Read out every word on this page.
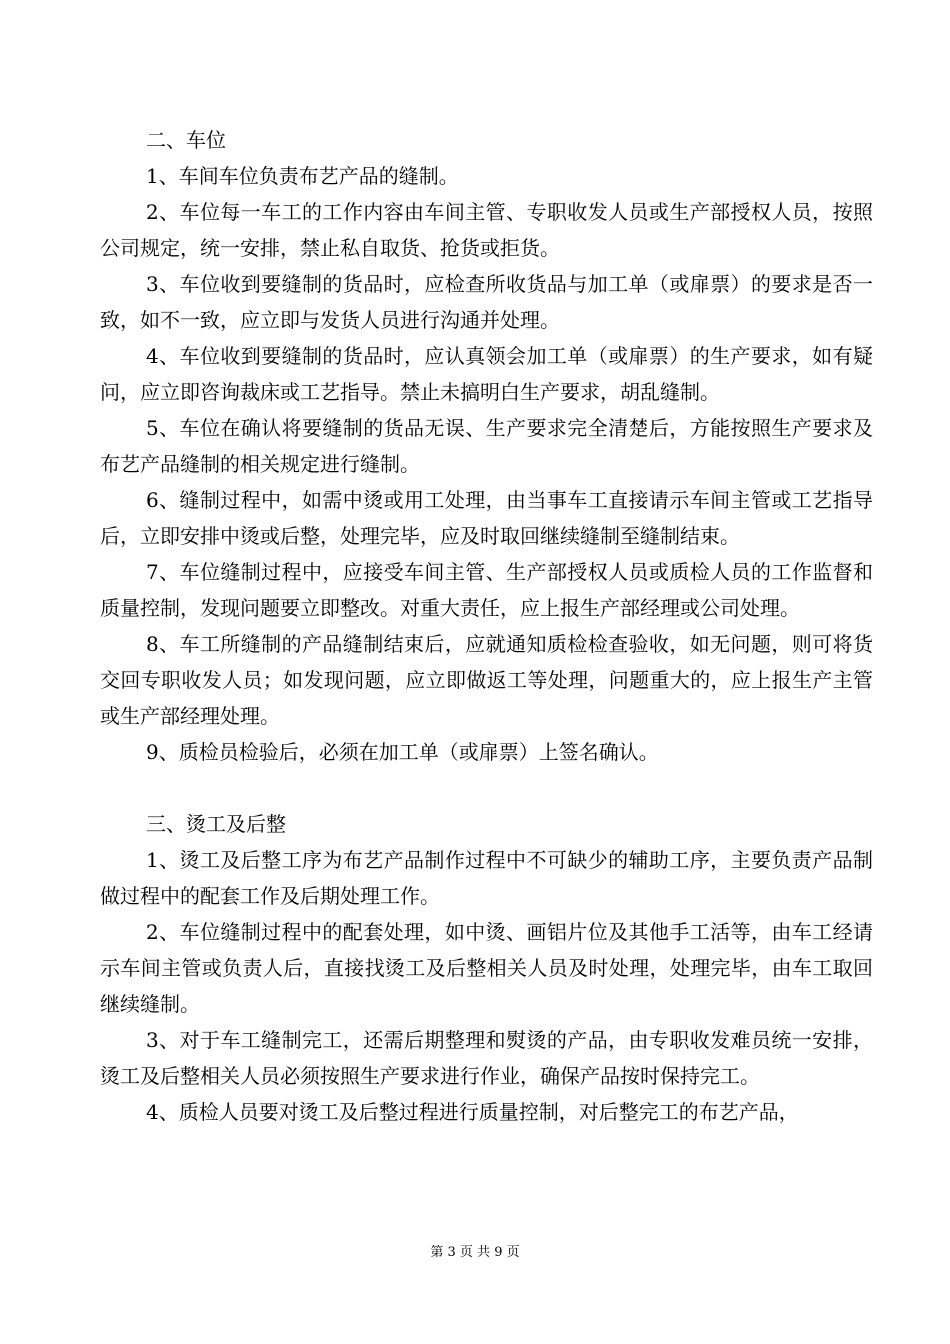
二、车位

1、车间车位负责布艺产品的缝制。

2、车位每一车工的工作内容由车间主管、专职收发人员或生产部授权人员，按照公司规定，统一安排，禁止私自取货、抢货或拒货。

3、车位收到要缝制的货品时，应检查所收货品与加工单（或扉票）的要求是否一致，如不一致，应立即与发货人员进行沟通并处理。

4、车位收到要缝制的货品时，应认真领会加工单（或扉票）的生产要求，如有疑问，应立即咨询裁床或工艺指导。禁止未搞明白生产要求，胡乱缝制。

5、车位在确认将要缝制的货品无误、生产要求完全清楚后，方能按照生产要求及布艺产品缝制的相关规定进行缝制。

6、缝制过程中，如需中烫或用工处理，由当事车工直接请示车间主管或工艺指导后，立即安排中烫或后整，处理完毕，应及时取回继续缝制至缝制结束。

7、车位缝制过程中，应接受车间主管、生产部授权人员或质检人员的工作监督和质量控制，发现问题要立即整改。对重大责任，应上报生产部经理或公司处理。

8、车工所缝制的产品缝制结束后，应就通知质检检查验收，如无问题，则可将货交回专职收发人员；如发现问题，应立即做返工等处理，问题重大的，应上报生产主管或生产部经理处理。

9、质检员检验后，必须在加工单（或扉票）上签名确认。

三、烫工及后整

1、烫工及后整工序为布艺产品制作过程中不可缺少的辅助工序，主要负责产品制做过程中的配套工作及后期处理工作。

2、车位缝制过程中的配套处理，如中烫、画铝片位及其他手工活等，由车工经请示车间主管或负责人后，直接找烫工及后整相关人员及时处理，处理完毕，由车工取回继续缝制。

3、对于车工缝制完工，还需后期整理和熨烫的产品，由专职收发难员统一安排，烫工及后整相关人员必须按照生产要求进行作业，确保产品按时保持完工。

4、质检人员要对烫工及后整过程进行质量控制，对后整完工的布艺产品，

第 3 页 共 9 页
